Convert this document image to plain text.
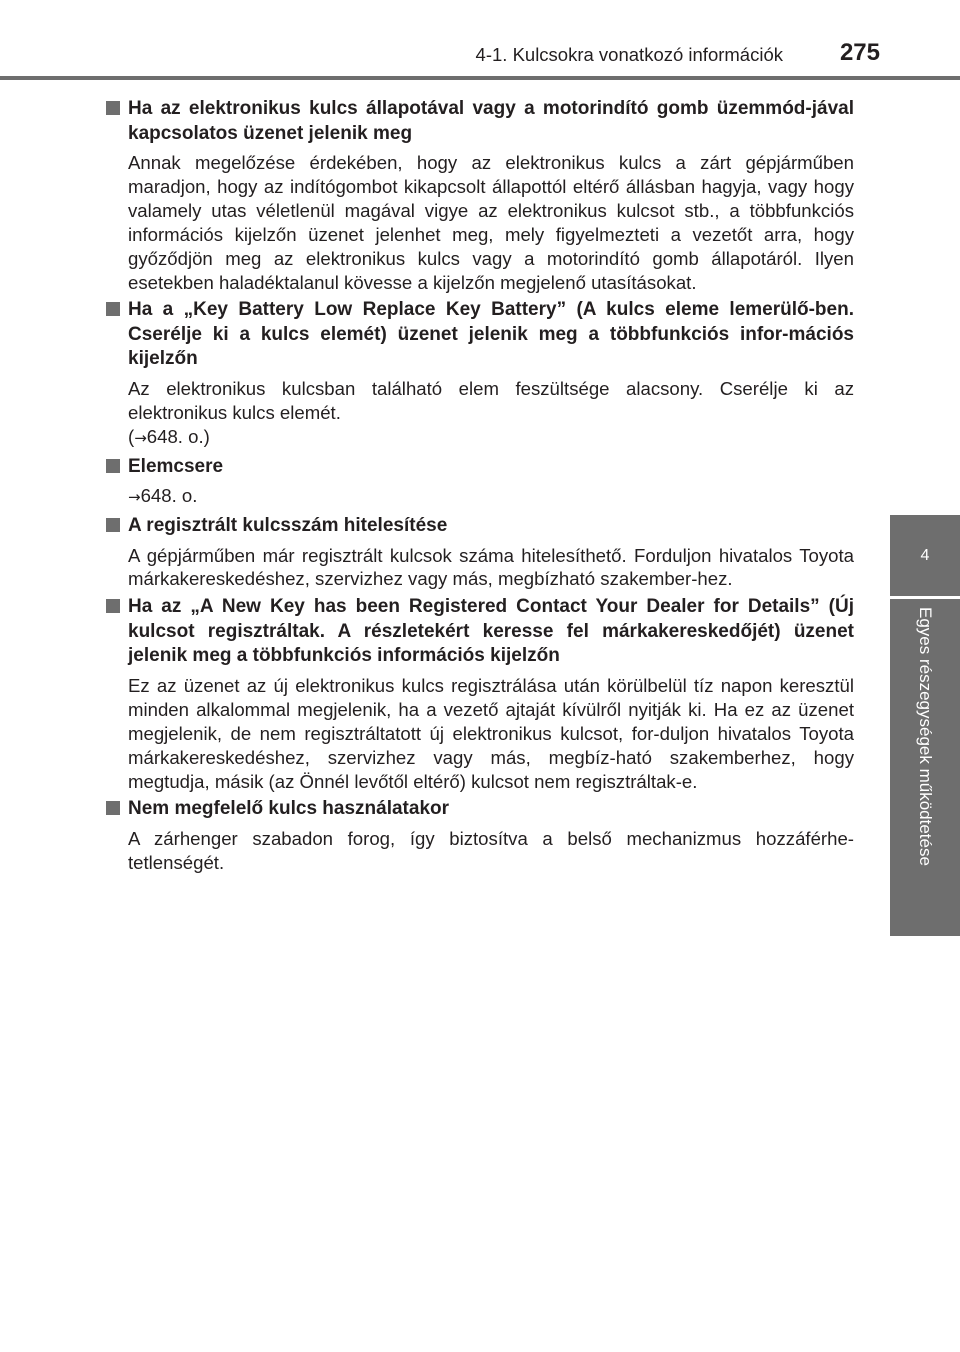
4-1. Kulcsokra vonatkozó információk	275
4
Egyes részegységek működtetése
Ha az elektronikus kulcs állapotával vagy a motorindító gomb üzemmód-jával kapcsolatos üzenet jelenik meg

Annak megelőzése érdekében, hogy az elektronikus kulcs a zárt gépjárműben maradjon, hogy az indítógombot kikapcsolt állapottól eltérő állásban hagyja, vagy hogy valamely utas véletlenül magával vigye az elektronikus kulcsot stb., a többfunkciós információs kijelzőn üzenet jelenhet meg, mely figyelmezteti a vezetőt arra, hogy győződjön meg az elektronikus kulcs vagy a motorindító gomb állapotáról. Ilyen esetekben haladéktalanul kövesse a kijelzőn megjelenő utasításokat.

Ha a „Key Battery Low Replace Key Battery” (A kulcs eleme lemerülő-ben. Cserélje ki a kulcs elemét) üzenet jelenik meg a többfunkciós infor-mációs kijelzőn

Az elektronikus kulcsban található elem feszültsége alacsony. Cserélje ki az elektronikus kulcs elemét.

(→648. o.)

Elemcsere

→648. o.

A regisztrált kulcsszám hitelesítése

A gépjárműben már regisztrált kulcsok száma hitelesíthető. Forduljon hivatalos Toyota márkakereskedéshez, szervizhez vagy más, megbízható szakember-hez.

Ha az „A New Key has been Registered Contact Your Dealer for Details” (Új kulcsot regisztráltak. A részletekért keresse fel márkakereskedőjét) üzenet jelenik meg a többfunkciós információs kijelzőn

Ez az üzenet az új elektronikus kulcs regisztrálása után körülbelül tíz napon keresztül minden alkalommal megjelenik, ha a vezető ajtaját kívülről nyitják ki. Ha ez az üzenet megjelenik, de nem regisztráltatott új elektronikus kulcsot, for-duljon hivatalos Toyota márkakereskedéshez, szervizhez vagy más, megbíz-ható szakemberhez, hogy megtudja, másik (az Önnél levőtől eltérő) kulcsot nem regisztráltak-e.

Nem megfelelő kulcs használatakor

A zárhenger szabadon forog, így biztosítva a belső mechanizmus hozzáférhe-tetlenségét.
